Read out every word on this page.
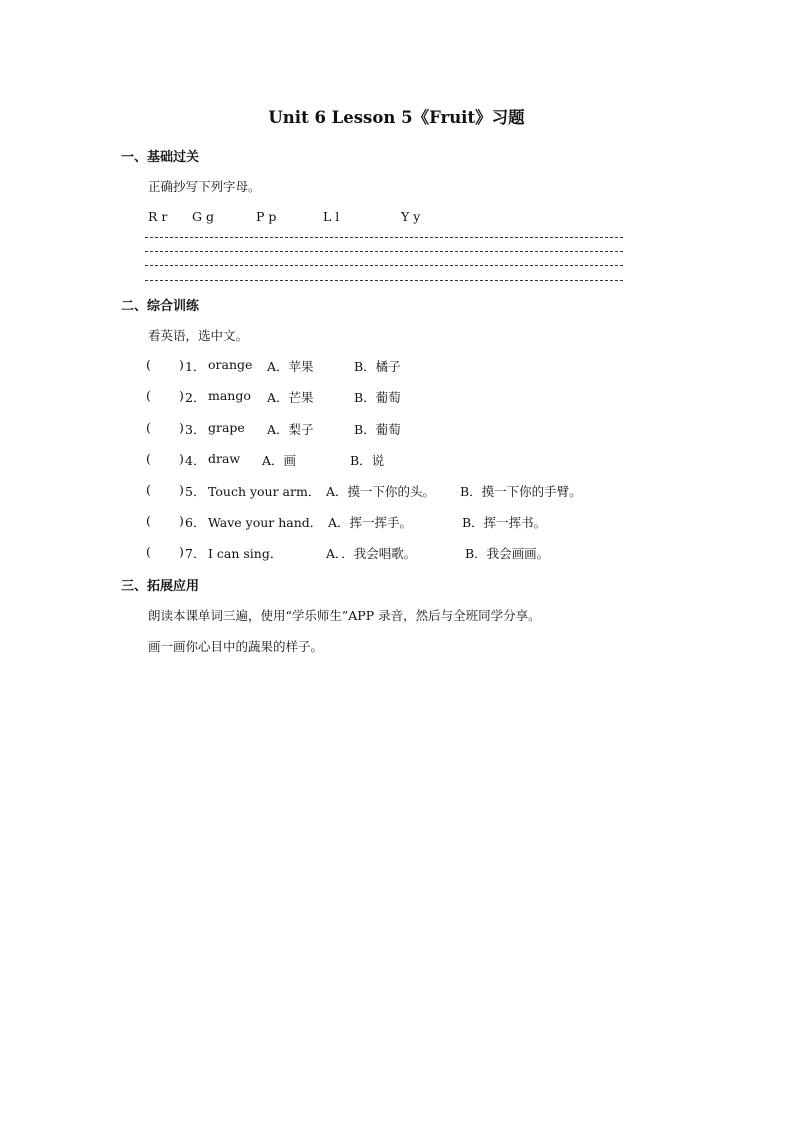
Unit 6 Lesson 5《Fruit》习题
一、基础过关
正确抄写下列字母。
R r G g	P p	L l	Y y
二、综合训练
看英语，选中文。
( ) 1． orange A．苹果	B．橘子
( ) 2． mango A．芒果	B．葡萄
( ) 3． grape A．梨子	B．葡萄
( ) 4． draw A．画	B．说
( ) 5． Touch your arm． A．摸一下你的头。 B．摸一下你的手臂。
( ) 6． Wave your hand． A．挥一挥手。	B．挥一挥书。
( ) 7． I can sing．	A．．我会唱歌。	B．我会画画。
三、拓展应用
朗读本课单词三遍，使用“学乐师生”APP 录音，然后与全班同学分享。
画一画你心目中的蔬果的样子。
